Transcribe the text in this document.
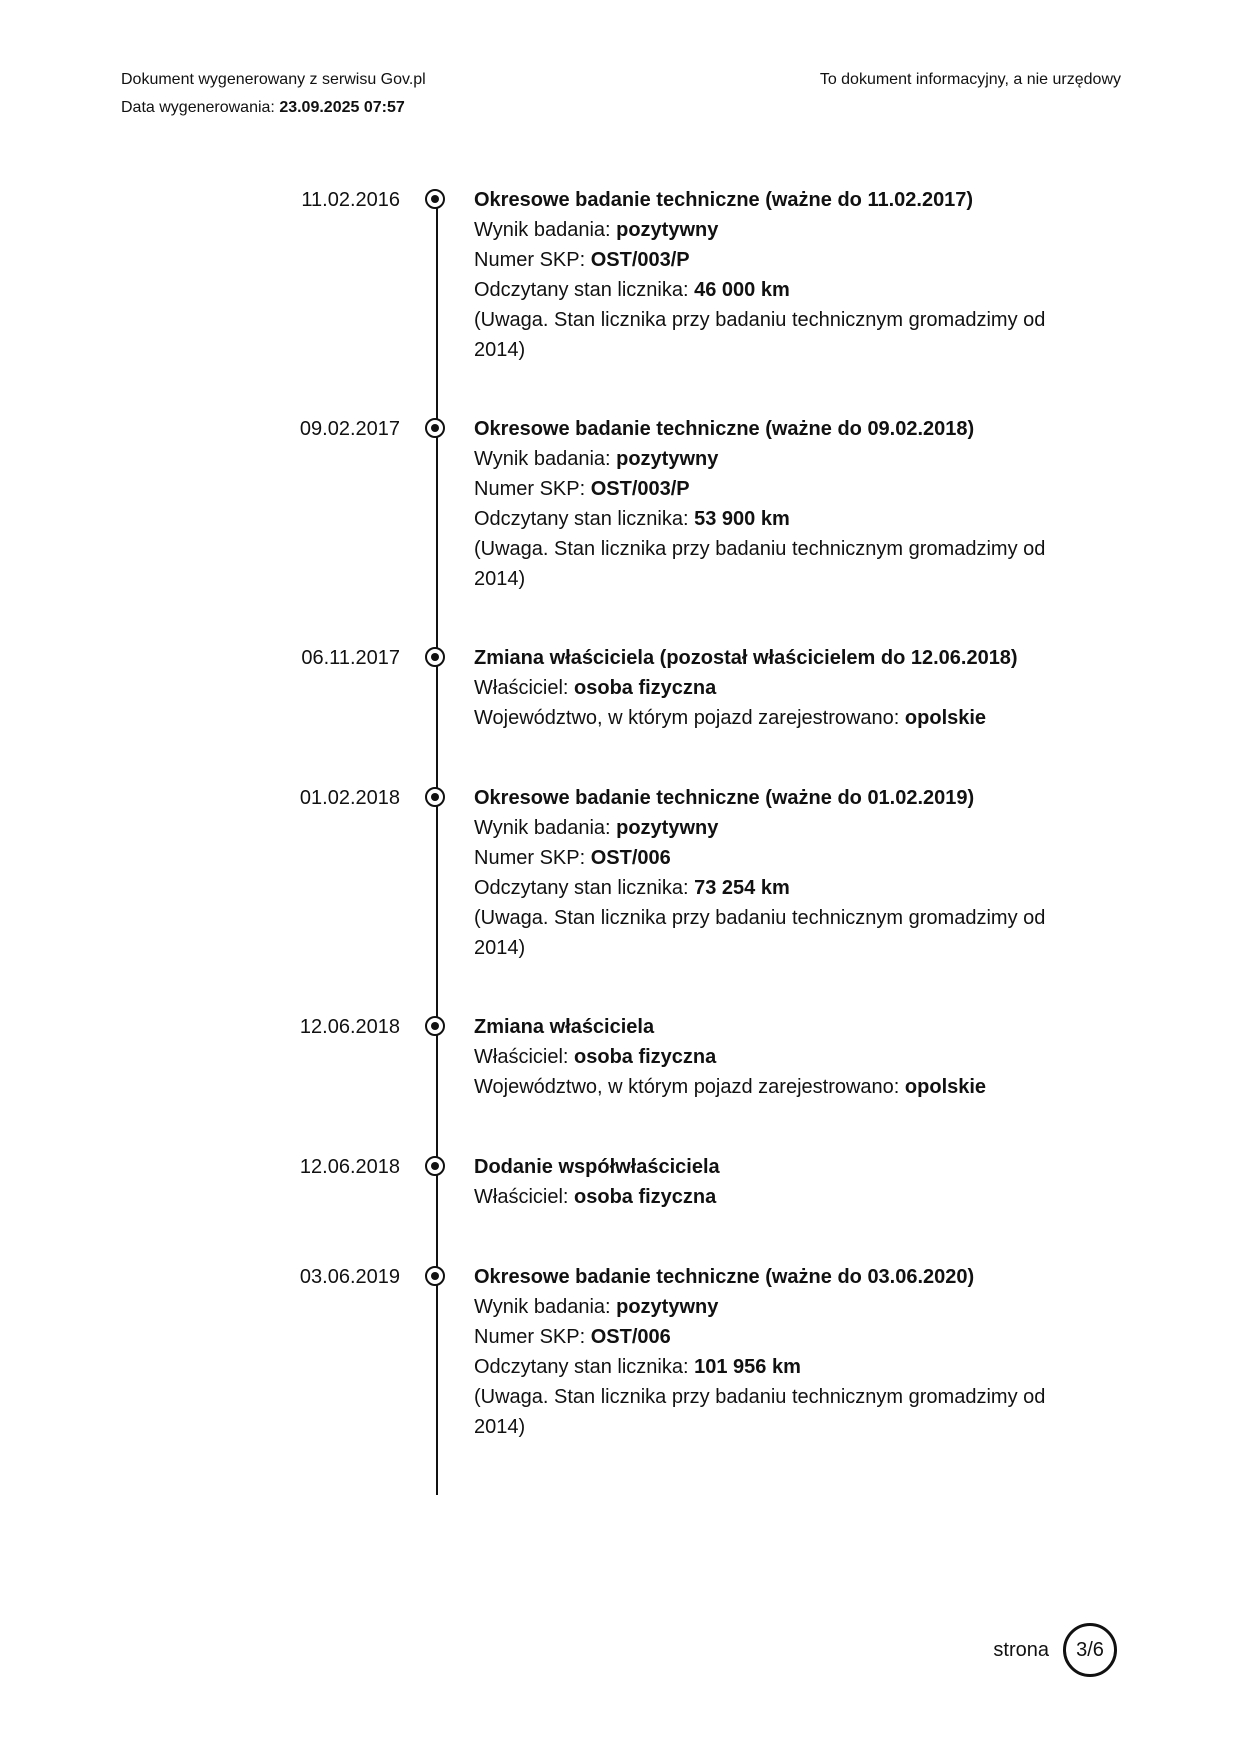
Dokument wygenerowany z serwisu Gov.pl
Data wygenerowania: 23.09.2025 07:57
To dokument informacyjny, a nie urzędowy
11.02.2016	Okresowe badanie techniczne (ważne do 11.02.2017)
Wynik badania: pozytywny
Numer SKP: OST/003/P
Odczytany stan licznika: 46 000 km
(Uwaga. Stan licznika przy badaniu technicznym gromadzimy od 2014)
09.02.2017	Okresowe badanie techniczne (ważne do 09.02.2018)
Wynik badania: pozytywny
Numer SKP: OST/003/P
Odczytany stan licznika: 53 900 km
(Uwaga. Stan licznika przy badaniu technicznym gromadzimy od 2014)
06.11.2017	Zmiana właściciela (pozostał właścicielem do 12.06.2018)
Właściciel: osoba fizyczna
Województwo, w którym pojazd zarejestrowano: opolskie
01.02.2018	Okresowe badanie techniczne (ważne do 01.02.2019)
Wynik badania: pozytywny
Numer SKP: OST/006
Odczytany stan licznika: 73 254 km
(Uwaga. Stan licznika przy badaniu technicznym gromadzimy od 2014)
12.06.2018	Zmiana właściciela
Właściciel: osoba fizyczna
Województwo, w którym pojazd zarejestrowano: opolskie
12.06.2018	Dodanie współwłaściciela
Właściciel: osoba fizyczna
03.06.2019	Okresowe badanie techniczne (ważne do 03.06.2020)
Wynik badania: pozytywny
Numer SKP: OST/006
Odczytany stan licznika: 101 956 km
(Uwaga. Stan licznika przy badaniu technicznym gromadzimy od 2014)
strona	3/6
